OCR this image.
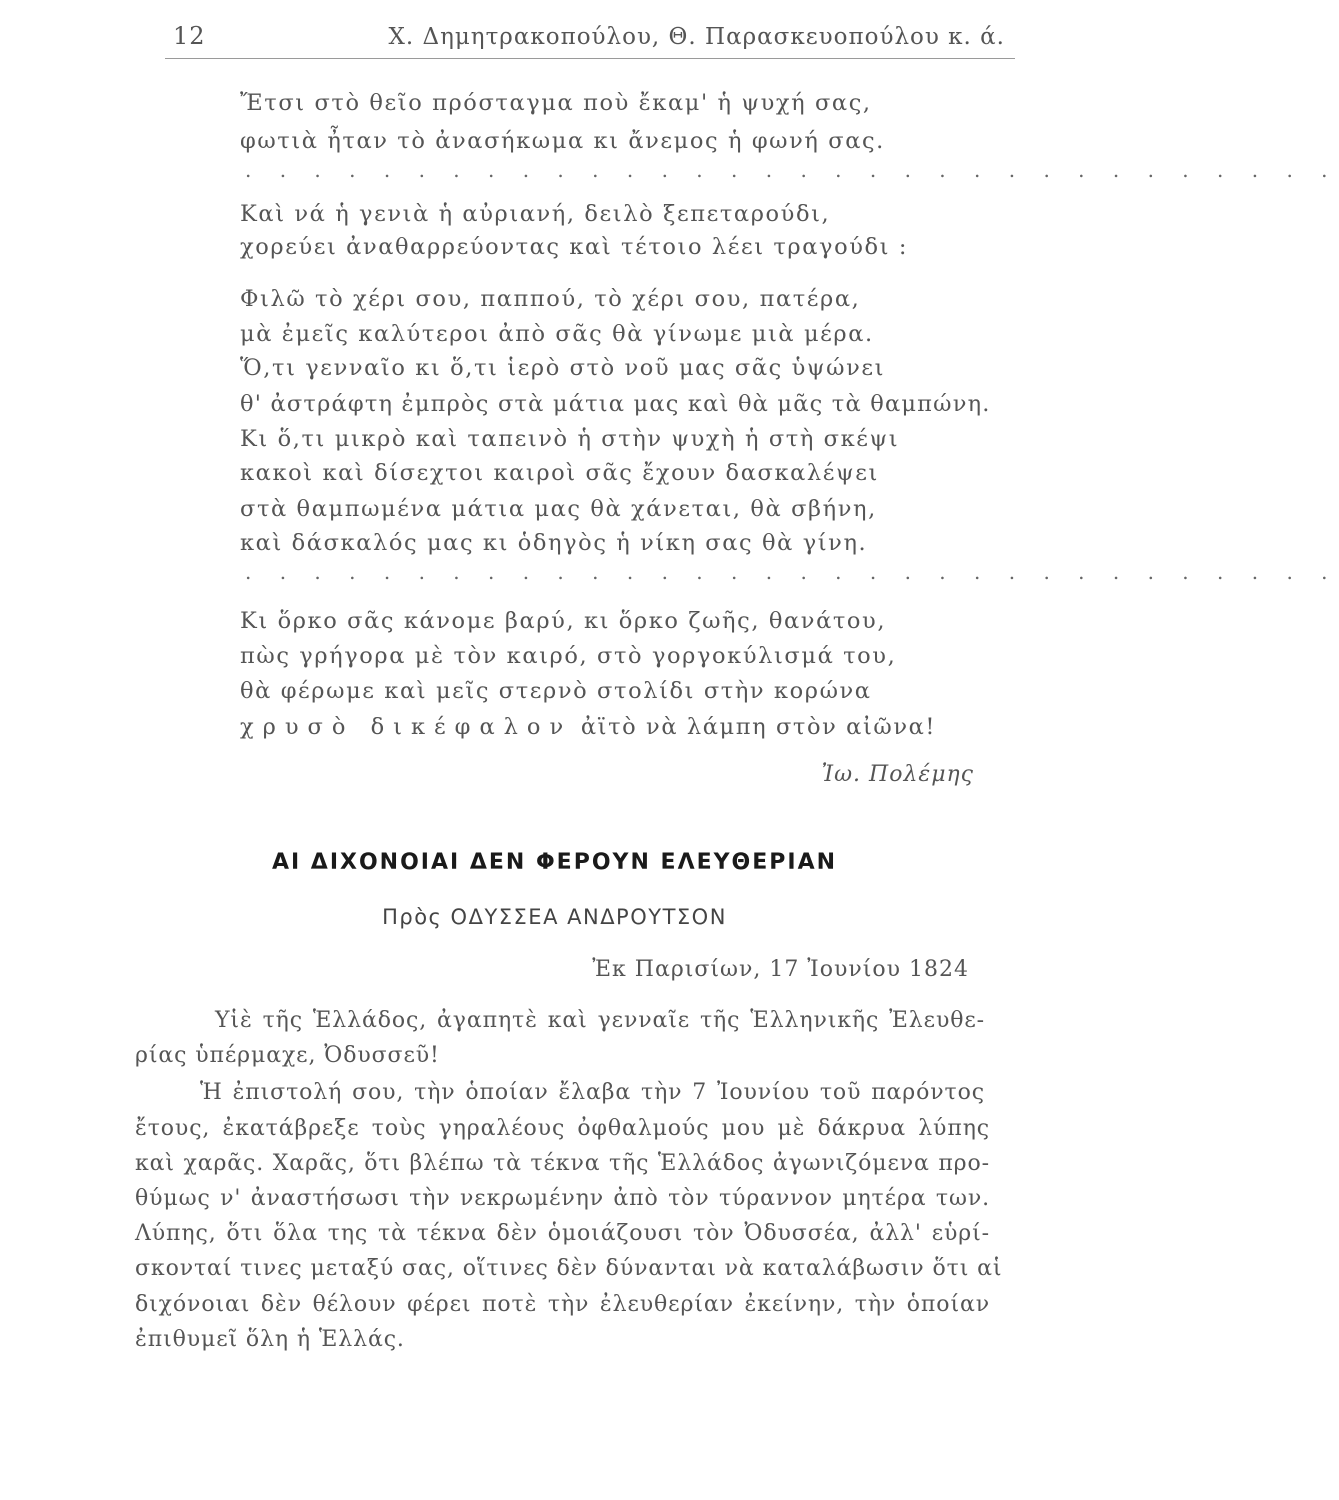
12	Χ. Δημητρακοπούλου, Θ. Παρασκευοπούλου κ. ά.
Ἔτσι στὸ θεῖο πρόσταγμα ποὺ ἔκαμ' ἡ ψυχή σας,
φωτιὰ ἦταν τὸ ἀνασήκωμα κι ἄνεμος ἡ φωνή σας.
. . . . . . . . . . . . . . . . . . . . . . . . . . . . . . . .
Καὶ νά ἡ γενιὰ ἡ αὐριανή, δειλὸ ξεπεταρούδι,
χορεύει ἀναθαρρεύοντας καὶ τέτοιο λέει τραγούδι :
Φιλῶ τὸ χέρι σου, παππού, τὸ χέρι σου, πατέρα,
μὰ ἐμεῖς καλύτεροι ἀπὸ σᾶς θὰ γίνωμε μιὰ μέρα.
Ὅ,τι γενναῖο κι ὅ,τι ἱερὸ στὸ νοῦ μας σᾶς ὑψώνει
θ' ἀστράφτη ἐμπρὸς στὰ μάτια μας καὶ θὰ μᾶς τὰ θαμπώνη.
Κι ὅ,τι μικρὸ καὶ ταπεινὸ ἡ στὴν ψυχὴ ἡ στὴ σκέψι
κακοὶ καὶ δίσεχτοι καιροὶ σᾶς ἔχουν δασκαλέψει
στὰ θαμπωμένα μάτια μας θὰ χάνεται, θὰ σβήνη,
καὶ δάσκαλός μας κι ὁδηγὸς ἡ νίκη σας θὰ γίνη.
. . . . . . . . . . . . . . . . . . . . . . . . . . . . . . . .
Κι ὅρκο σᾶς κάνομε βαρύ, κι ὅρκο ζωῆς, θανάτου,
πὼς γρήγορα μὲ τὸν καιρό, στὸ γοργοκύλισμά του,
θὰ φέρωμε καὶ μεῖς στερνὸ στολίδι στὴν κορώνα
χρυσὸ δικέφαλον ἀϊτὸ νὰ λάμπη στὸν αἰῶνα!
Ἰω. Πολέμης
ΑΙ ΔΙΧΟΝΟΙΑΙ ΔΕΝ ΦΕΡΟΥΝ ΕΛΕΥΘΕΡΙΑΝ
Πρὸς ΟΔΥΣΣΕΑ ΑΝΔΡΟΥΤΣΟΝ
Ἐκ Παρισίων, 17 Ἰουνίου 1824
Υἱὲ τῆς Ἑλλάδος, ἀγαπητὲ καὶ γενναῖε τῆς Ἑλληνικῆς Ἐλευθε-
ρίας ὑπέρμαχε, Ὀδυσσεῦ!
Ἡ ἐπιστολή σου, τὴν ὁποίαν ἔλαβα τὴν 7 Ἰουνίου τοῦ παρόντος
ἔτους, ἐκατάβρεξε τοὺς γηραλέους ὀφθαλμούς μου μὲ δάκρυα λύπης
καὶ χαρᾶς. Χαρᾶς, ὅτι βλέπω τὰ τέκνα τῆς Ἑλλάδος ἀγωνιζόμενα προ-
θύμως ν' ἀναστήσωσι τὴν νεκρωμένην ἀπὸ τὸν τύραννον μητέρα των.
Λύπης, ὅτι ὅλα της τὰ τέκνα δὲν ὁμοιάζουσι τὸν Ὀδυσσέα, ἀλλ' εὑρί-
σκονταί τινες μεταξύ σας, οἵτινες δὲν δύνανται νὰ καταλάβωσιν ὅτι αἱ
διχόνοιαι δὲν θέλουν φέρει ποτὲ τὴν ἐλευθερίαν ἐκείνην, τὴν ὁποίαν
ἐπιθυμεῖ ὅλη ἡ Ἑλλάς.
